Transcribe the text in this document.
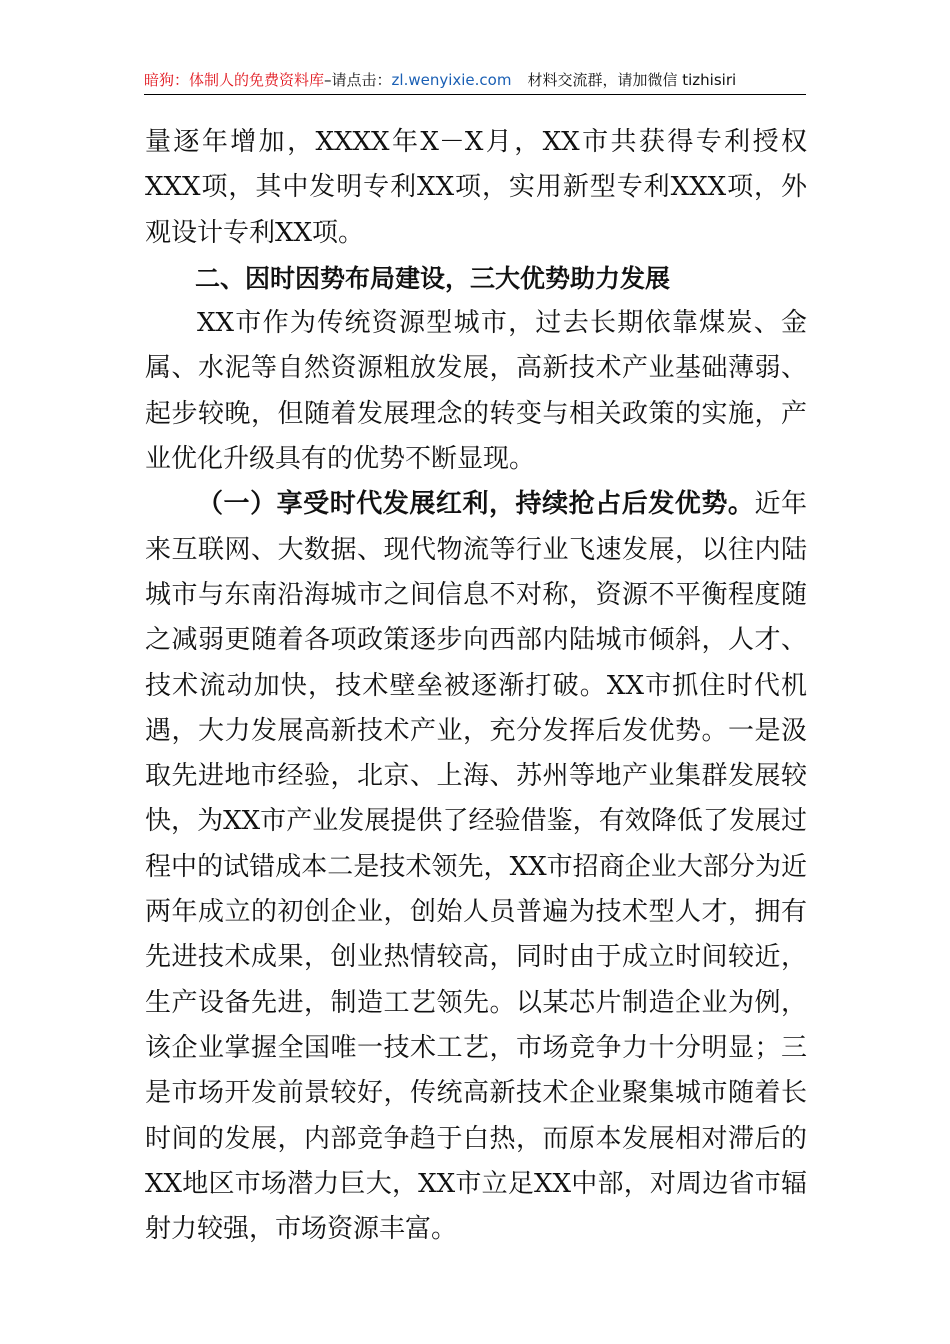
暗狗：体制人的免费资料库–请点击：zl.wenyixie.com 材料交流群，请加微信 tizhisiri

量逐年增加，XXXX年X－X月，XX市共获得专利授权XXX项，其中发明专利XX项，实用新型专利XXX项，外观设计专利XX项。

二、因时因势布局建设，三大优势助力发展

XX市作为传统资源型城市，过去长期依靠煤炭、金属、水泥等自然资源粗放发展，高新技术产业基础薄弱、起步较晚，但随着发展理念的转变与相关政策的实施，产业优化升级具有的优势不断显现。

（一）享受时代发展红利，持续抢占后发优势。近年来互联网、大数据、现代物流等行业飞速发展，以往内陆城市与东南沿海城市之间信息不对称，资源不平衡程度随之减弱更随着各项政策逐步向西部内陆城市倾斜，人才、技术流动加快，技术壁垒被逐渐打破。XX市抓住时代机遇，大力发展高新技术产业，充分发挥后发优势。一是汲取先进地市经验，北京、上海、苏州等地产业集群发展较快，为XX市产业发展提供了经验借鉴，有效降低了发展过程中的试错成本二是技术领先，XX市招商企业大部分为近两年成立的初创企业，创始人员普遍为技术型人才，拥有先进技术成果，创业热情较高，同时由于成立时间较近，生产设备先进，制造工艺领先。以某芯片制造企业为例，该企业掌握全国唯一技术工艺，市场竞争力十分明显；三是市场开发前景较好，传统高新技术企业聚集城市随着长时间的发展，内部竞争趋于白热，而原本发展相对滞后的XX地区市场潜力巨大，XX市立足XX中部，对周边省市辐射力较强，市场资源丰富。
